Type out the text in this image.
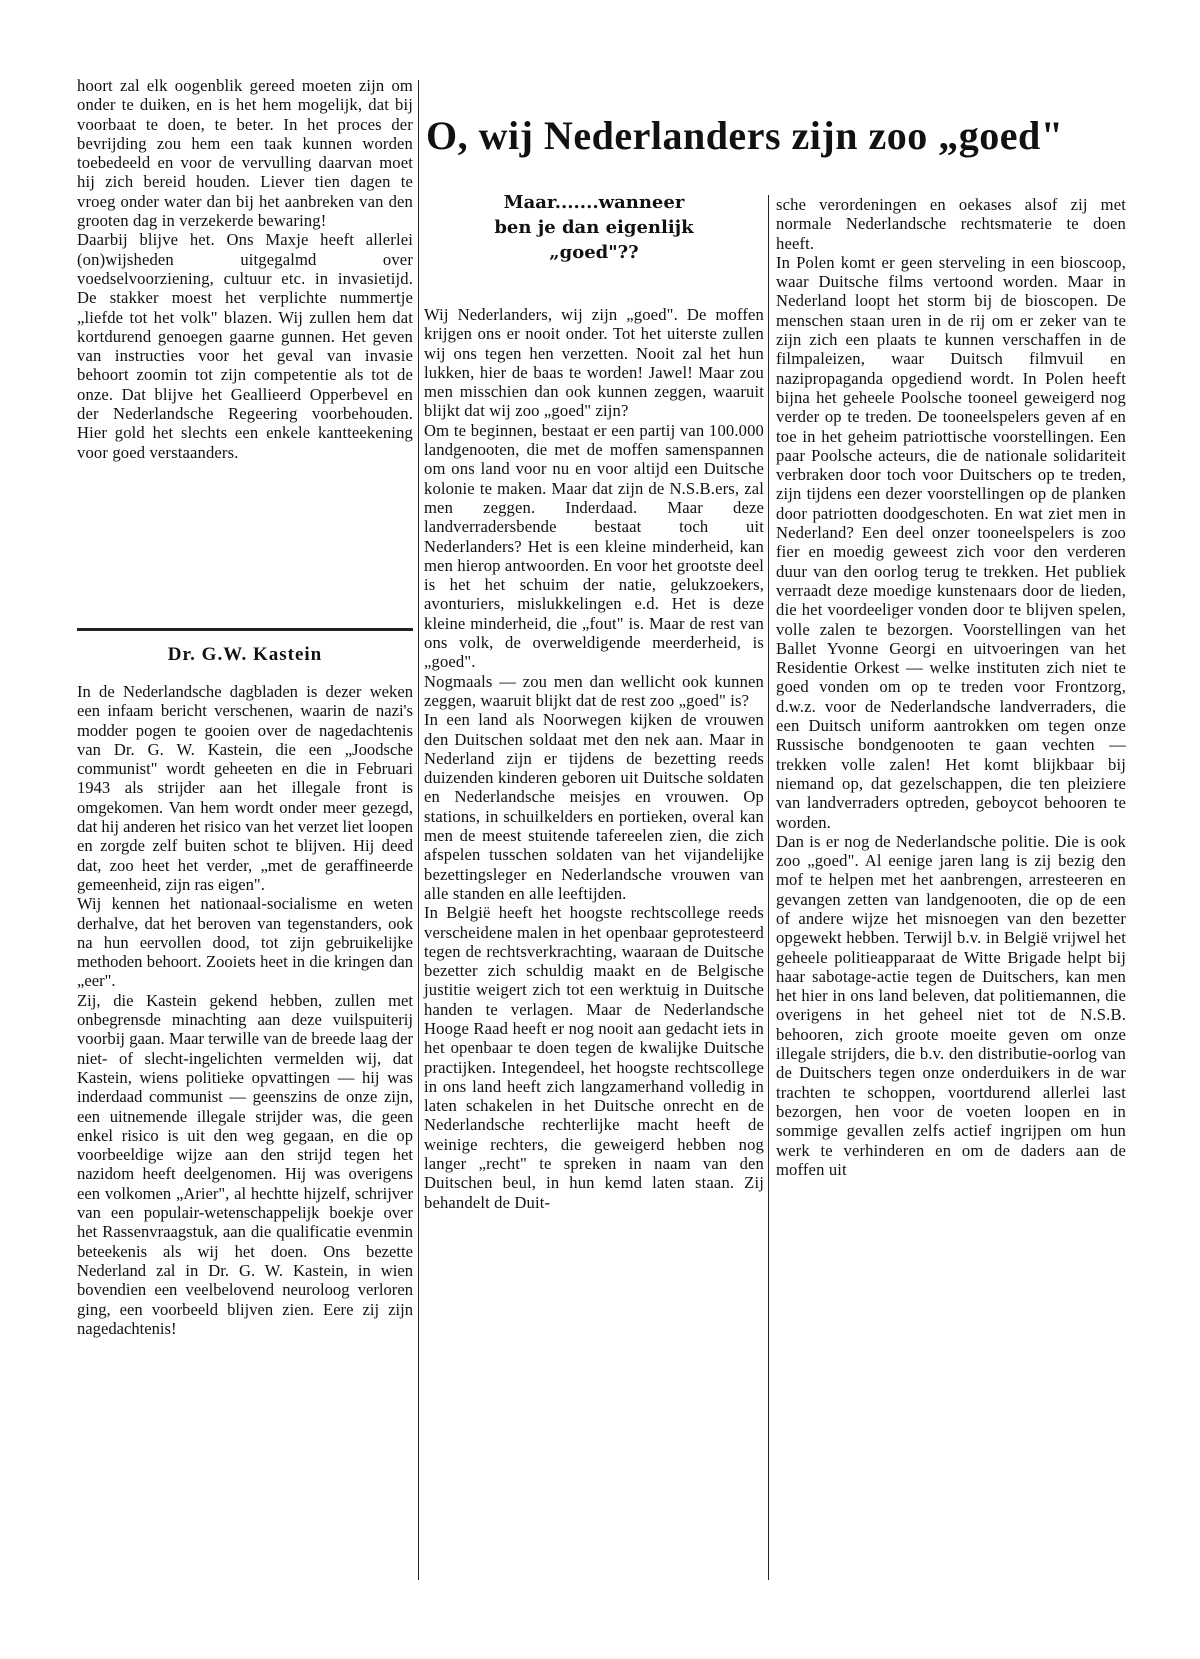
O, wij Nederlanders zijn zoo „goed"
Maar.......wanneer
ben je dan eigenlijk
„goed"??

hoort zal elk oogenblik gereed moeten zijn om onder te duiken, en is het hem mogelijk, dat bij voorbaat te doen, te beter. In het proces der bevrijding zou hem een taak kunnen worden toebedeeld en voor de vervulling daarvan moet hij zich bereid houden. Liever tien dagen te vroeg onder water dan bij het aanbreken van den grooten dag in verzekerde bewaring!

Daarbij blijve het. Ons Maxje heeft allerlei (on)wijsheden uitgegalmd over voedselvoorziening, cultuur etc. in invasietijd. De stakker moest het verplichte nummertje „liefde tot het volk" blazen. Wij zullen hem dat kortdurend genoegen gaarne gunnen. Het geven van instructies voor het geval van invasie behoort zoomin tot zijn competentie als tot de onze. Dat blijve het Geallieerd Opperbevel en der Nederlandsche Regeering voorbehouden. Hier gold het slechts een enkele kantteekening voor goed verstaanders.

Dr. G.W. Kastein

In de Nederlandsche dagbladen is dezer weken een infaam bericht verschenen, waarin de nazi's modder pogen te gooien over de nagedachtenis van Dr. G. W. Kastein, die een „Joodsche communist" wordt geheeten en die in Februari 1943 als strijder aan het illegale front is omgekomen. Van hem wordt onder meer gezegd, dat hij anderen het risico van het verzet liet loopen en zorgde zelf buiten schot te blijven. Hij deed dat, zoo heet het verder, „met de geraffineerde gemeenheid, zijn ras eigen".

Wij kennen het nationaal-socialisme en weten derhalve, dat het beroven van tegenstanders, ook na hun eervollen dood, tot zijn gebruikelijke methoden behoort. Zooiets heet in die kringen dan „eer".

Zij, die Kastein gekend hebben, zullen met onbegrensde minachting aan deze vuilspuiterij voorbij gaan. Maar terwille van de breede laag der niet- of slecht-ingelichten vermelden wij, dat Kastein, wiens politieke opvattingen — hij was inderdaad communist — geenszins de onze zijn, een uitnemende illegale strijder was, die geen enkel risico is uit den weg gegaan, en die op voorbeeldige wijze aan den strijd tegen het nazidom heeft deelgenomen. Hij was overigens een volkomen „Arier", al hechtte hijzelf, schrijver van een populair-wetenschappelijk boekje over het Rassenvraagstuk, aan die qualificatie evenmin beteekenis als wij het doen. Ons bezette Nederland zal in Dr. G. W. Kastein, in wien bovendien een veelbelovend neuroloog verloren ging, een voorbeeld blijven zien. Eere zij zijn nagedachtenis!

Wij Nederlanders, wij zijn „goed". De moffen krijgen ons er nooit onder. Tot het uiterste zullen wij ons tegen hen verzetten. Nooit zal het hun lukken, hier de baas te worden! Jawel! Maar zou men misschien dan ook kunnen zeggen, waaruit blijkt dat wij zoo „goed" zijn?

Om te beginnen, bestaat er een partij van 100.000 landgenooten, die met de moffen samenspannen om ons land voor nu en voor altijd een Duitsche kolonie te maken. Maar dat zijn de N.S.B.ers, zal men zeggen. Inderdaad. Maar deze landverradersbende bestaat toch uit Nederlanders? Het is een kleine minderheid, kan men hierop antwoorden. En voor het grootste deel is het het schuim der natie, gelukzoekers, avonturiers, mislukkelingen e.d. Het is deze kleine minderheid, die „fout" is. Maar de rest van ons volk, de overweldigende meerderheid, is „goed".

Nogmaals — zou men dan wellicht ook kunnen zeggen, waaruit blijkt dat de rest zoo „goed" is?

In een land als Noorwegen kijken de vrouwen den Duitschen soldaat met den nek aan. Maar in Nederland zijn er tijdens de bezetting reeds duizenden kinderen geboren uit Duitsche soldaten en Nederlandsche meisjes en vrouwen. Op stations, in schuilkelders en portieken, overal kan men de meest stuitende tafereelen zien, die zich afspelen tusschen soldaten van het vijandelijke bezettingsleger en Nederlandsche vrouwen van alle standen en alle leeftijden.

In België heeft het hoogste rechtscollege reeds verscheidene malen in het openbaar geprotesteerd tegen de rechtsverkrachting, waaraan de Duitsche bezetter zich schuldig maakt en de Belgische justitie weigert zich tot een werktuig in Duitsche handen te verlagen. Maar de Nederlandsche Hooge Raad heeft er nog nooit aan gedacht iets in het openbaar te doen tegen de kwalijke Duitsche practijken. Integendeel, het hoogste rechtscollege in ons land heeft zich langzamerhand volledig in laten schakelen in het Duitsche onrecht en de Nederlandsche rechterlijke macht heeft de weinige rechters, die geweigerd hebben nog langer „recht" te spreken in naam van den Duitschen beul, in hun kemd laten staan. Zij behandelt de Duit-

sche verordeningen en oekases alsof zij met normale Nederlandsche rechtsmaterie te doen heeft.

In Polen komt er geen sterveling in een bioscoop, waar Duitsche films vertoond worden. Maar in Nederland loopt het storm bij de bioscopen. De menschen staan uren in de rij om er zeker van te zijn zich een plaats te kunnen verschaffen in de filmpaleizen, waar Duitsch filmvuil en nazipropaganda opgediend wordt. In Polen heeft bijna het geheele Poolsche tooneel geweigerd nog verder op te treden. De tooneelspelers geven af en toe in het geheim patriottische voorstellingen. Een paar Poolsche acteurs, die de nationale solidariteit verbraken door toch voor Duitschers op te treden, zijn tijdens een dezer voorstellingen op de planken door patriotten doodgeschoten. En wat ziet men in Nederland? Een deel onzer tooneelspelers is zoo fier en moedig geweest zich voor den verderen duur van den oorlog terug te trekken. Het publiek verraadt deze moedige kunstenaars door de lieden, die het voordeeliger vonden door te blijven spelen, volle zalen te bezorgen. Voorstellingen van het Ballet Yvonne Georgi en uitvoeringen van het Residentie Orkest — welke instituten zich niet te goed vonden om op te treden voor Frontzorg, d.w.z. voor de Nederlandsche landverraders, die een Duitsch uniform aantrokken om tegen onze Russische bondgenooten te gaan vechten — trekken volle zalen! Het komt blijkbaar bij niemand op, dat gezelschappen, die ten pleiziere van landverraders optreden, geboycot behooren te worden.

Dan is er nog de Nederlandsche politie. Die is ook zoo „goed". Al eenige jaren lang is zij bezig den mof te helpen met het aanbrengen, arresteeren en gevangen zetten van landgenooten, die op de een of andere wijze het misnoegen van den bezetter opgewekt hebben. Terwijl b.v. in België vrijwel het geheele politieapparaat de Witte Brigade helpt bij haar sabotage-actie tegen de Duitschers, kan men het hier in ons land beleven, dat politiemannen, die overigens in het geheel niet tot de N.S.B. behooren, zich groote moeite geven om onze illegale strijders, die b.v. den distributie-oorlog van de Duitschers tegen onze onderduikers in de war trachten te schoppen, voortdurend allerlei last bezorgen, hen voor de voeten loopen en in sommige gevallen zelfs actief ingrijpen om hun werk te verhinderen en om de daders aan de moffen uit
